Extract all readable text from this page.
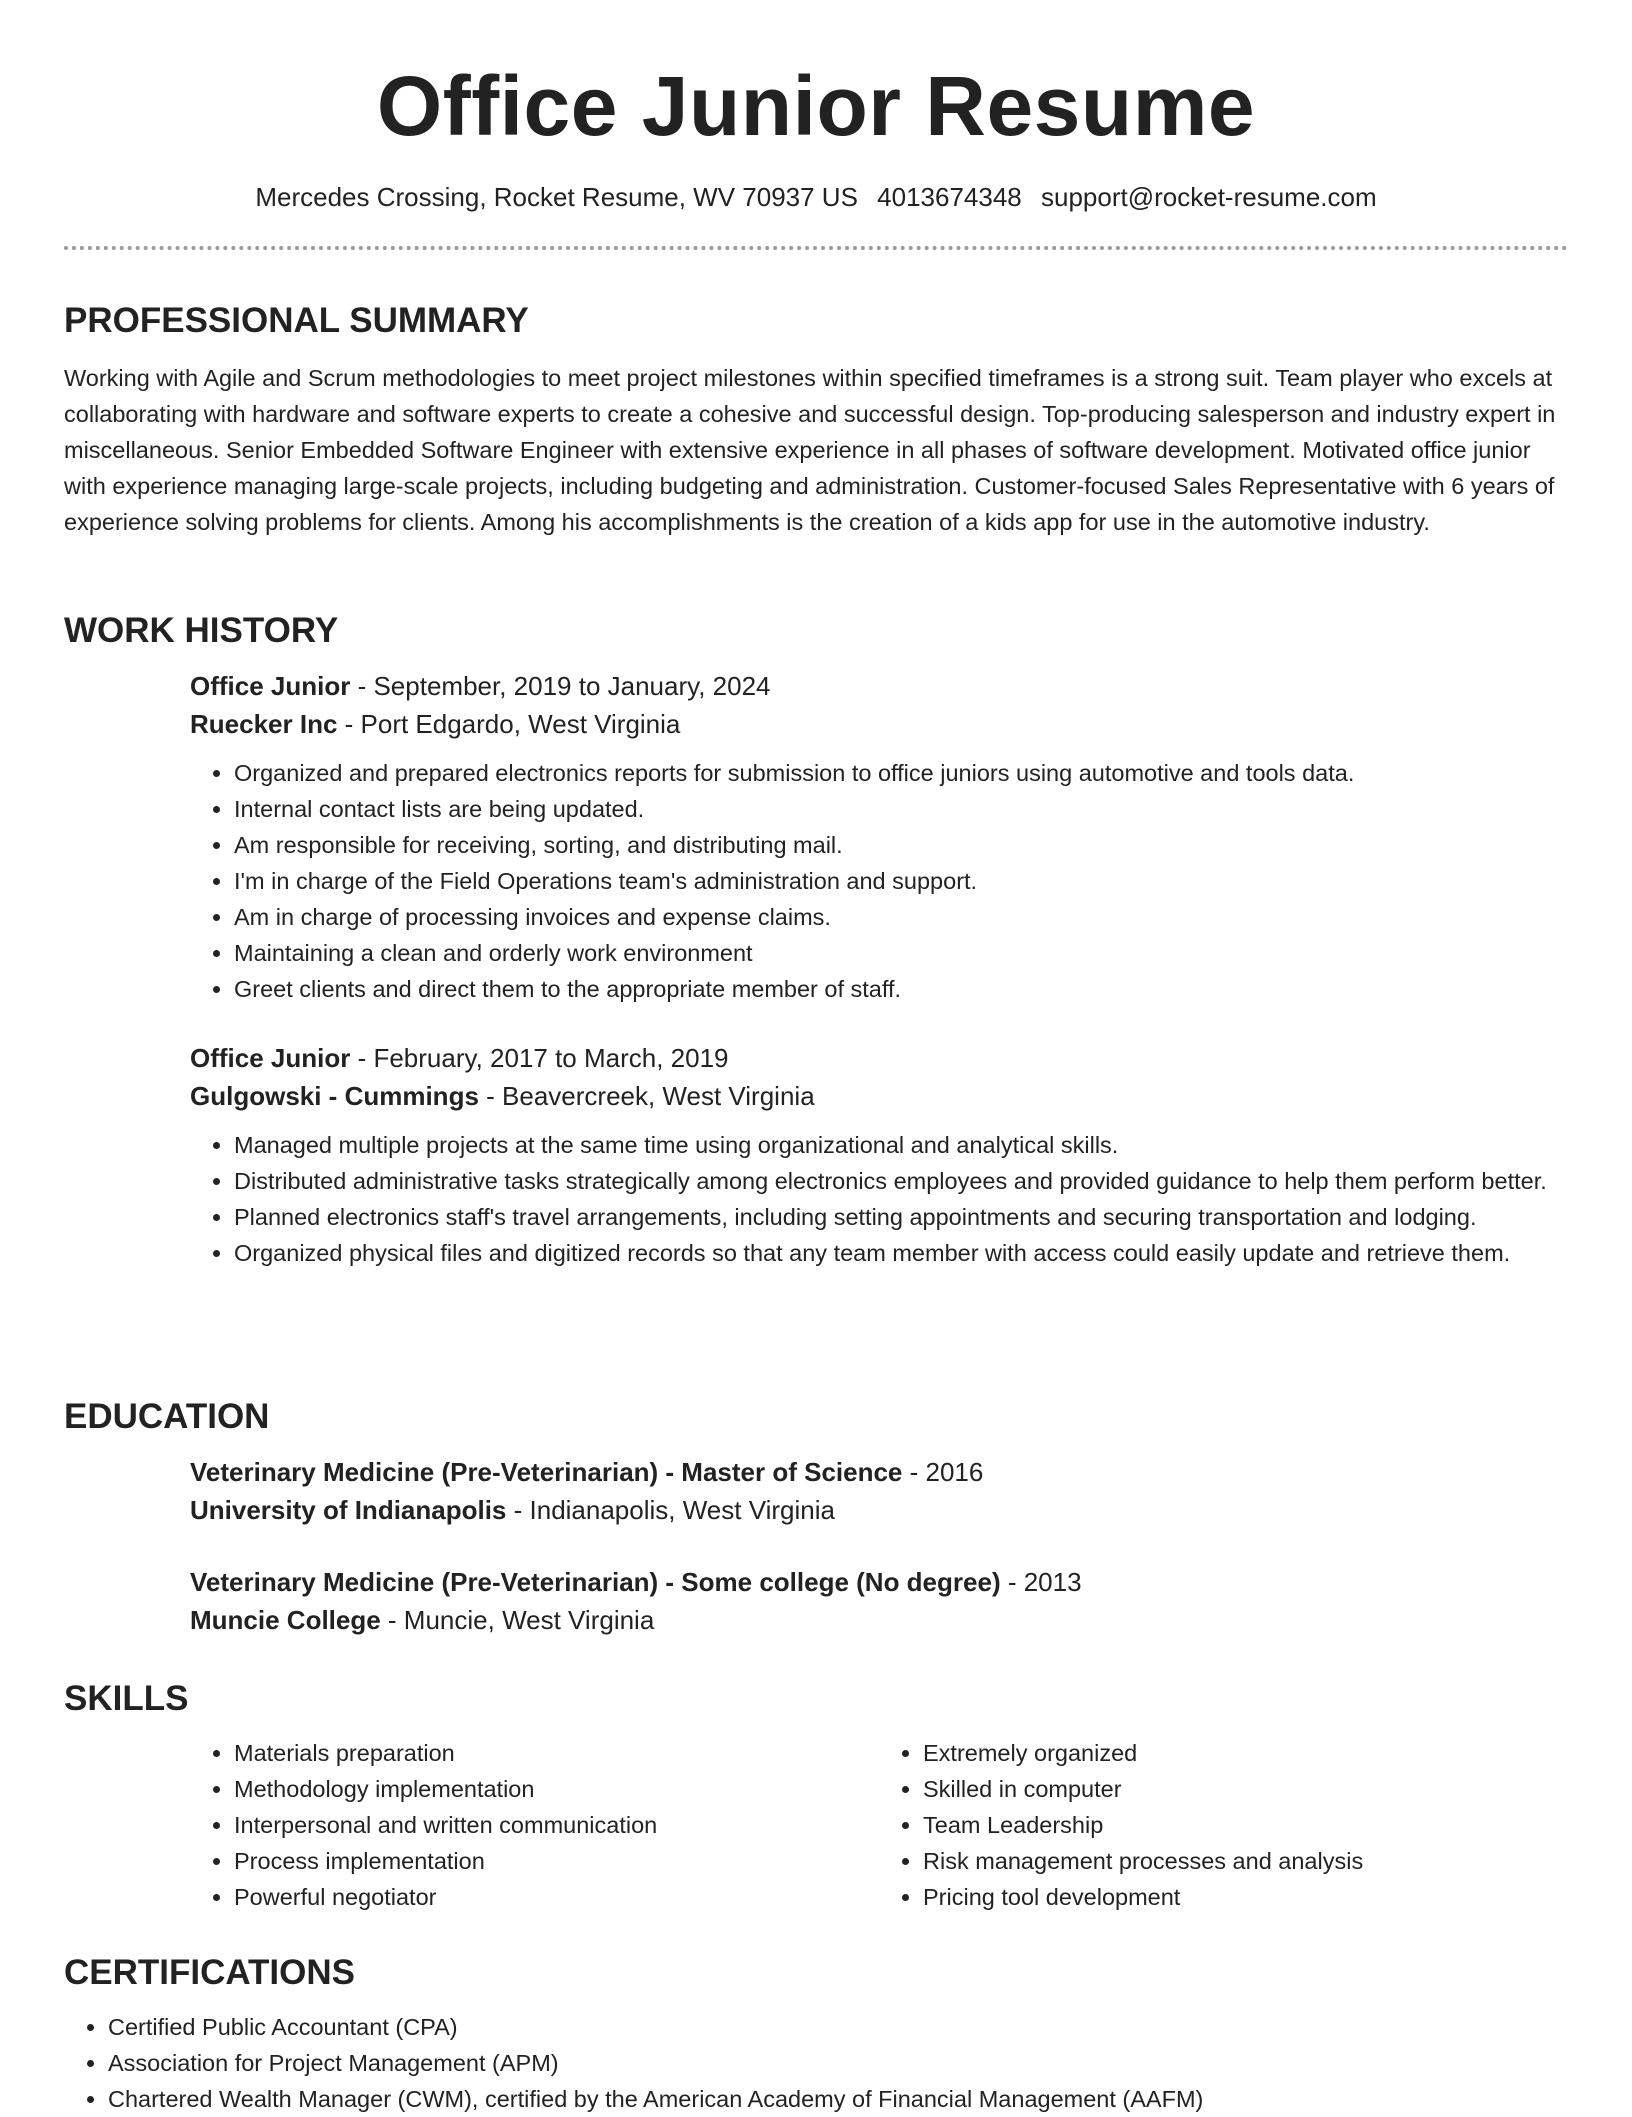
Office Junior Resume
Mercedes Crossing, Rocket Resume, WV 70937 US 4013674348 support@rocket-resume.com
PROFESSIONAL SUMMARY

Working with Agile and Scrum methodologies to meet project milestones within specified timeframes is a strong suit. Team player who excels at collaborating with hardware and software experts to create a cohesive and successful design. Top-producing salesperson and industry expert in miscellaneous. Senior Embedded Software Engineer with extensive experience in all phases of software development. Motivated office junior with experience managing large-scale projects, including budgeting and administration. Customer-focused Sales Representative with 6 years of experience solving problems for clients. Among his accomplishments is the creation of a kids app for use in the automotive industry.

WORK HISTORY

Office Junior - September, 2019 to January, 2024

Ruecker Inc - Port Edgardo, West Virginia

• Organized and prepared electronics reports for submission to office juniors using automotive and tools data.
• Internal contact lists are being updated.
• Am responsible for receiving, sorting, and distributing mail.
• I'm in charge of the Field Operations team's administration and support.
• Am in charge of processing invoices and expense claims.
• Maintaining a clean and orderly work environment
• Greet clients and direct them to the appropriate member of staff.

Office Junior - February, 2017 to March, 2019

Gulgowski - Cummings - Beavercreek, West Virginia

• Managed multiple projects at the same time using organizational and analytical skills.
• Distributed administrative tasks strategically among electronics employees and provided guidance to help them perform better.
• Planned electronics staff's travel arrangements, including setting appointments and securing transportation and lodging.
• Organized physical files and digitized records so that any team member with access could easily update and retrieve them.
EDUCATION

Veterinary Medicine (Pre-Veterinarian) - Master of Science - 2016

University of Indianapolis - Indianapolis, West Virginia

Veterinary Medicine (Pre-Veterinarian) - Some college (No degree) - 2013

Muncie College - Muncie, West Virginia

SKILLS
• Materials preparation
• Methodology implementation
• Interpersonal and written communication
• Process implementation
• Powerful negotiator
• Extremely organized
• Skilled in computer
• Team Leadership
• Risk management processes and analysis
• Pricing tool development
CERTIFICATIONS
• Certified Public Accountant (CPA)
• Association for Project Management (APM)
• Chartered Wealth Manager (CWM), certified by the American Academy of Financial Management (AAFM)
